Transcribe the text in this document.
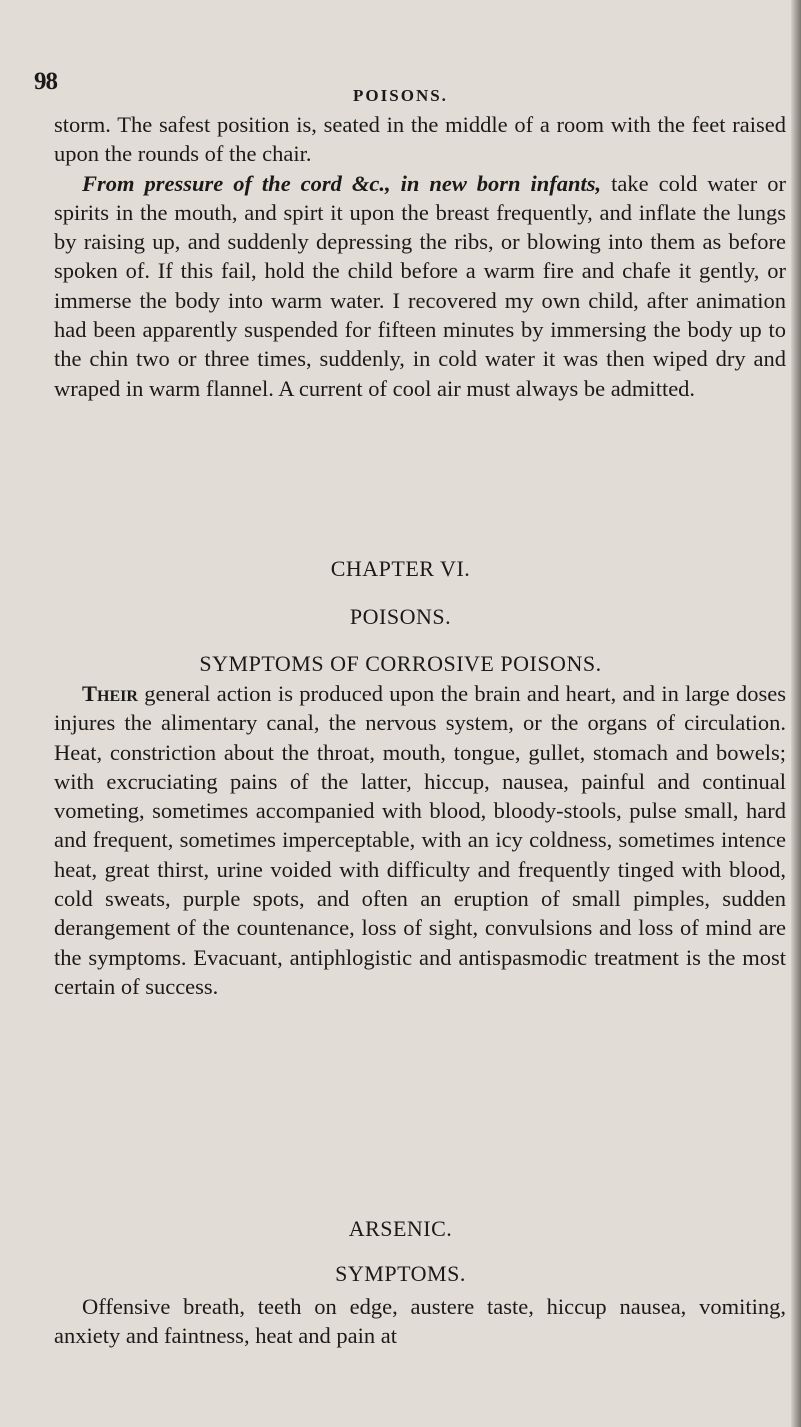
98
POISONS.

storm. The safest position is, seated in the middle of a room with the feet raised upon the rounds of the chair.

From pressure of the cord &c., in new born infants, take cold water or spirits in the mouth, and spirt it upon the breast frequently, and inflate the lungs by raising up, and suddenly depressing the ribs, or blowing into them as before spoken of. If this fail, hold the child before a warm fire and chafe it gently, or immerse the body into warm water. I recovered my own child, after animation had been apparently suspended for fifteen minutes by immersing the body up to the chin two or three times, suddenly, in cold water it was then wiped dry and wraped in warm flannel. A current of cool air must always be admitted.

CHAPTER VI.
POISONS.
SYMPTOMS OF CORROSIVE POISONS.

Their general action is produced upon the brain and heart, and in large doses injures the alimentary canal, the nervous system, or the organs of circulation. Heat, constriction about the throat, mouth, tongue, gullet, stomach and bowels; with excruciating pains of the latter, hiccup, nausea, painful and continual vometing, sometimes accompanied with blood, bloody-stools, pulse small, hard and frequent, sometimes imperceptable, with an icy coldness, sometimes intence heat, great thirst, urine voided with difficulty and frequently tinged with blood, cold sweats, purple spots, and often an eruption of small pimples, sudden derangement of the countenance, loss of sight, convulsions and loss of mind are the symptoms. Evacuant, antiphlogistic and antispasmodic treatment is the most certain of success.

ARSENIC.
SYMPTOMS.

Offensive breath, teeth on edge, austere taste, hiccup nausea, vomiting, anxiety and faintness, heat and pain at
